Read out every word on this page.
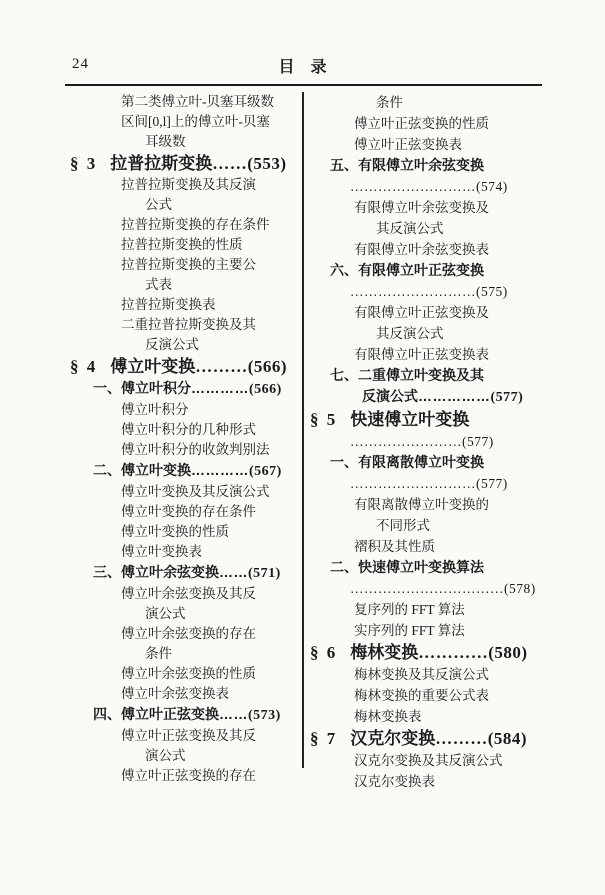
24	目　录
第二类傅立叶-贝塞耳级数
区间[0,l]上的傅立叶-贝塞
耳级数
§ 3 拉普拉斯变换……(553)
拉普拉斯变换及其反演
公式
拉普拉斯变换的存在条件
拉普拉斯变换的性质
拉普拉斯变换的主要公
式表
拉普拉斯变换表
二重拉普拉斯变换及其
反演公式
§ 4 傅立叶变换………(566)
一、傅立叶积分…………(566)
傅立叶积分
傅立叶积分的几种形式
傅立叶积分的收敛判别法
二、傅立叶变换…………(567)
傅立叶变换及其反演公式
傅立叶变换的存在条件
傅立叶变换的性质
傅立叶变换表
三、傅立叶余弦变换……(571)
傅立叶余弦变换及其反
演公式
傅立叶余弦变换的存在
条件
傅立叶余弦变换的性质
傅立叶余弦变换表
四、傅立叶正弦变换……(573)
傅立叶正弦变换及其反
演公式
傅立叶正弦变换的存在
条件
傅立叶正弦变换的性质
傅立叶正弦变换表
五、有限傅立叶余弦变换
………………………(574)
有限傅立叶余弦变换及
其反演公式
有限傅立叶余弦变换表
六、有限傅立叶正弦变换
………………………(575)
有限傅立叶正弦变换及
其反演公式
有限傅立叶正弦变换表
七、二重傅立叶变换及其
反演公式……………(577)
§ 5 快速傅立叶变换
……………………(577)
一、有限离散傅立叶变换
………………………(577)
有限离散傅立叶变换的
不同形式
褶积及其性质
二、快速傅立叶变换算法
……………………………(578)
复序列的 FFT 算法
实序列的 FFT 算法
§ 6 梅林变换…………(580)
梅林变换及其反演公式
梅林变换的重要公式表
梅林变换表
§ 7 汉克尔变换………(584)
汉克尔变换及其反演公式
汉克尔变换表
